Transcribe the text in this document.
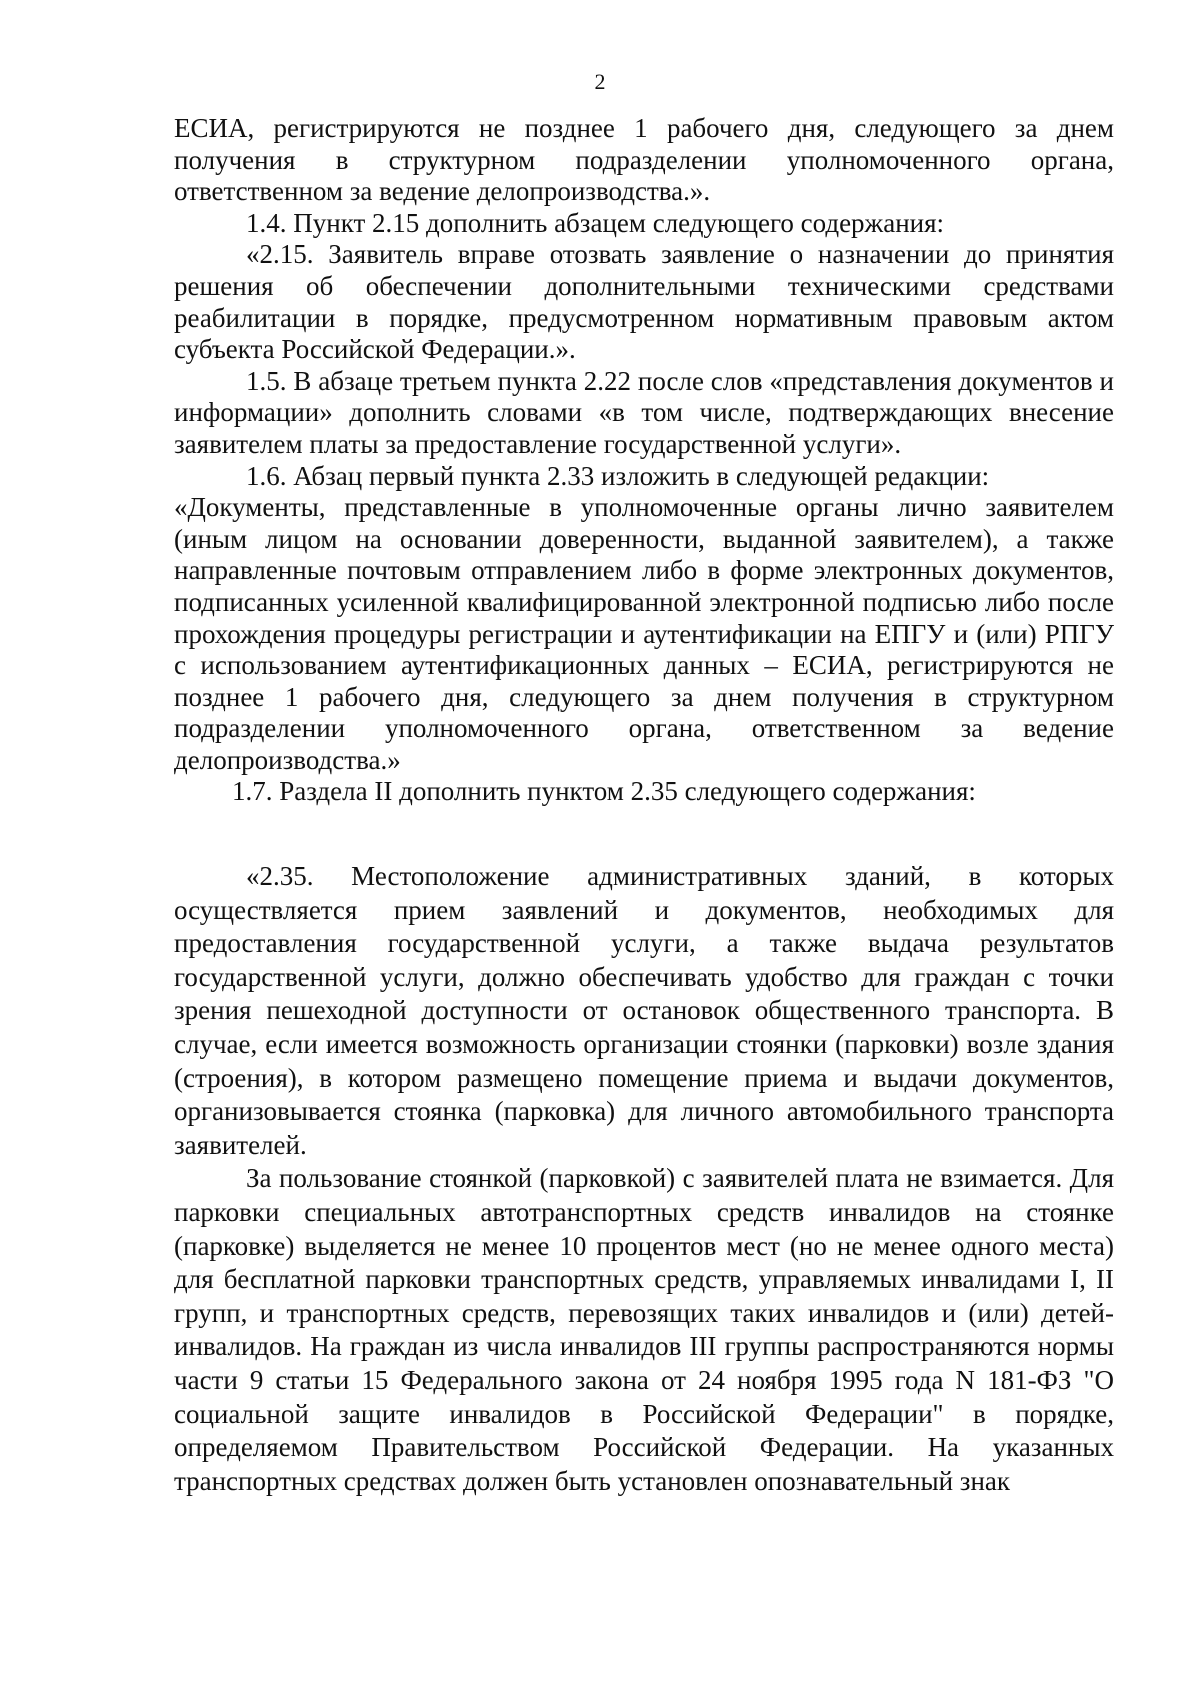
2

ЕСИА, регистрируются не позднее 1 рабочего дня, следующего за днем получения в структурном подразделении уполномоченного органа, ответственном за ведение делопроизводства.».

1.4. Пункт 2.15 дополнить абзацем следующего содержания:

«2.15. Заявитель вправе отозвать заявление о назначении до принятия решения об обеспечении дополнительными техническими средствами реабилитации в порядке, предусмотренном нормативным правовым актом субъекта Российской Федерации.».

1.5. В абзаце третьем пункта 2.22 после слов «представления документов и информации» дополнить словами «в том числе, подтверждающих внесение заявителем платы за предоставление государственной услуги».

1.6. Абзац первый пункта 2.33 изложить в следующей редакции:

«Документы, представленные в уполномоченные органы лично заявителем (иным лицом на основании доверенности, выданной заявителем), а также направленные почтовым отправлением либо в форме электронных документов, подписанных усиленной квалифицированной электронной подписью либо после прохождения процедуры регистрации и аутентификации на ЕПГУ и (или) РПГУ с использованием аутентификационных данных – ЕСИА, регистрируются не позднее 1 рабочего дня, следующего за днем получения в структурном подразделении уполномоченного органа, ответственном за ведение делопроизводства.»

1.7. Раздела II дополнить пунктом 2.35 следующего содержания:

«2.35. Местоположение административных зданий, в которых осуществляется прием заявлений и документов, необходимых для предоставления государственной услуги, а также выдача результатов государственной услуги, должно обеспечивать удобство для граждан с точки зрения пешеходной доступности от остановок общественного транспорта. В случае, если имеется возможность организации стоянки (парковки) возле здания (строения), в котором размещено помещение приема и выдачи документов, организовывается стоянка (парковка) для личного автомобильного транспорта заявителей.

За пользование стоянкой (парковкой) с заявителей плата не взимается. Для парковки специальных автотранспортных средств инвалидов на стоянке (парковке) выделяется не менее 10 процентов мест (но не менее одного места) для бесплатной парковки транспортных средств, управляемых инвалидами I, II групп, и транспортных средств, перевозящих таких инвалидов и (или) детей-инвалидов. На граждан из числа инвалидов III группы распространяются нормы части 9 статьи 15 Федерального закона от 24 ноября 1995 года N 181-ФЗ "О социальной защите инвалидов в Российской Федерации" в порядке, определяемом Правительством Российской Федерации. На указанных транспортных средствах должен быть установлен опознавательный знак
